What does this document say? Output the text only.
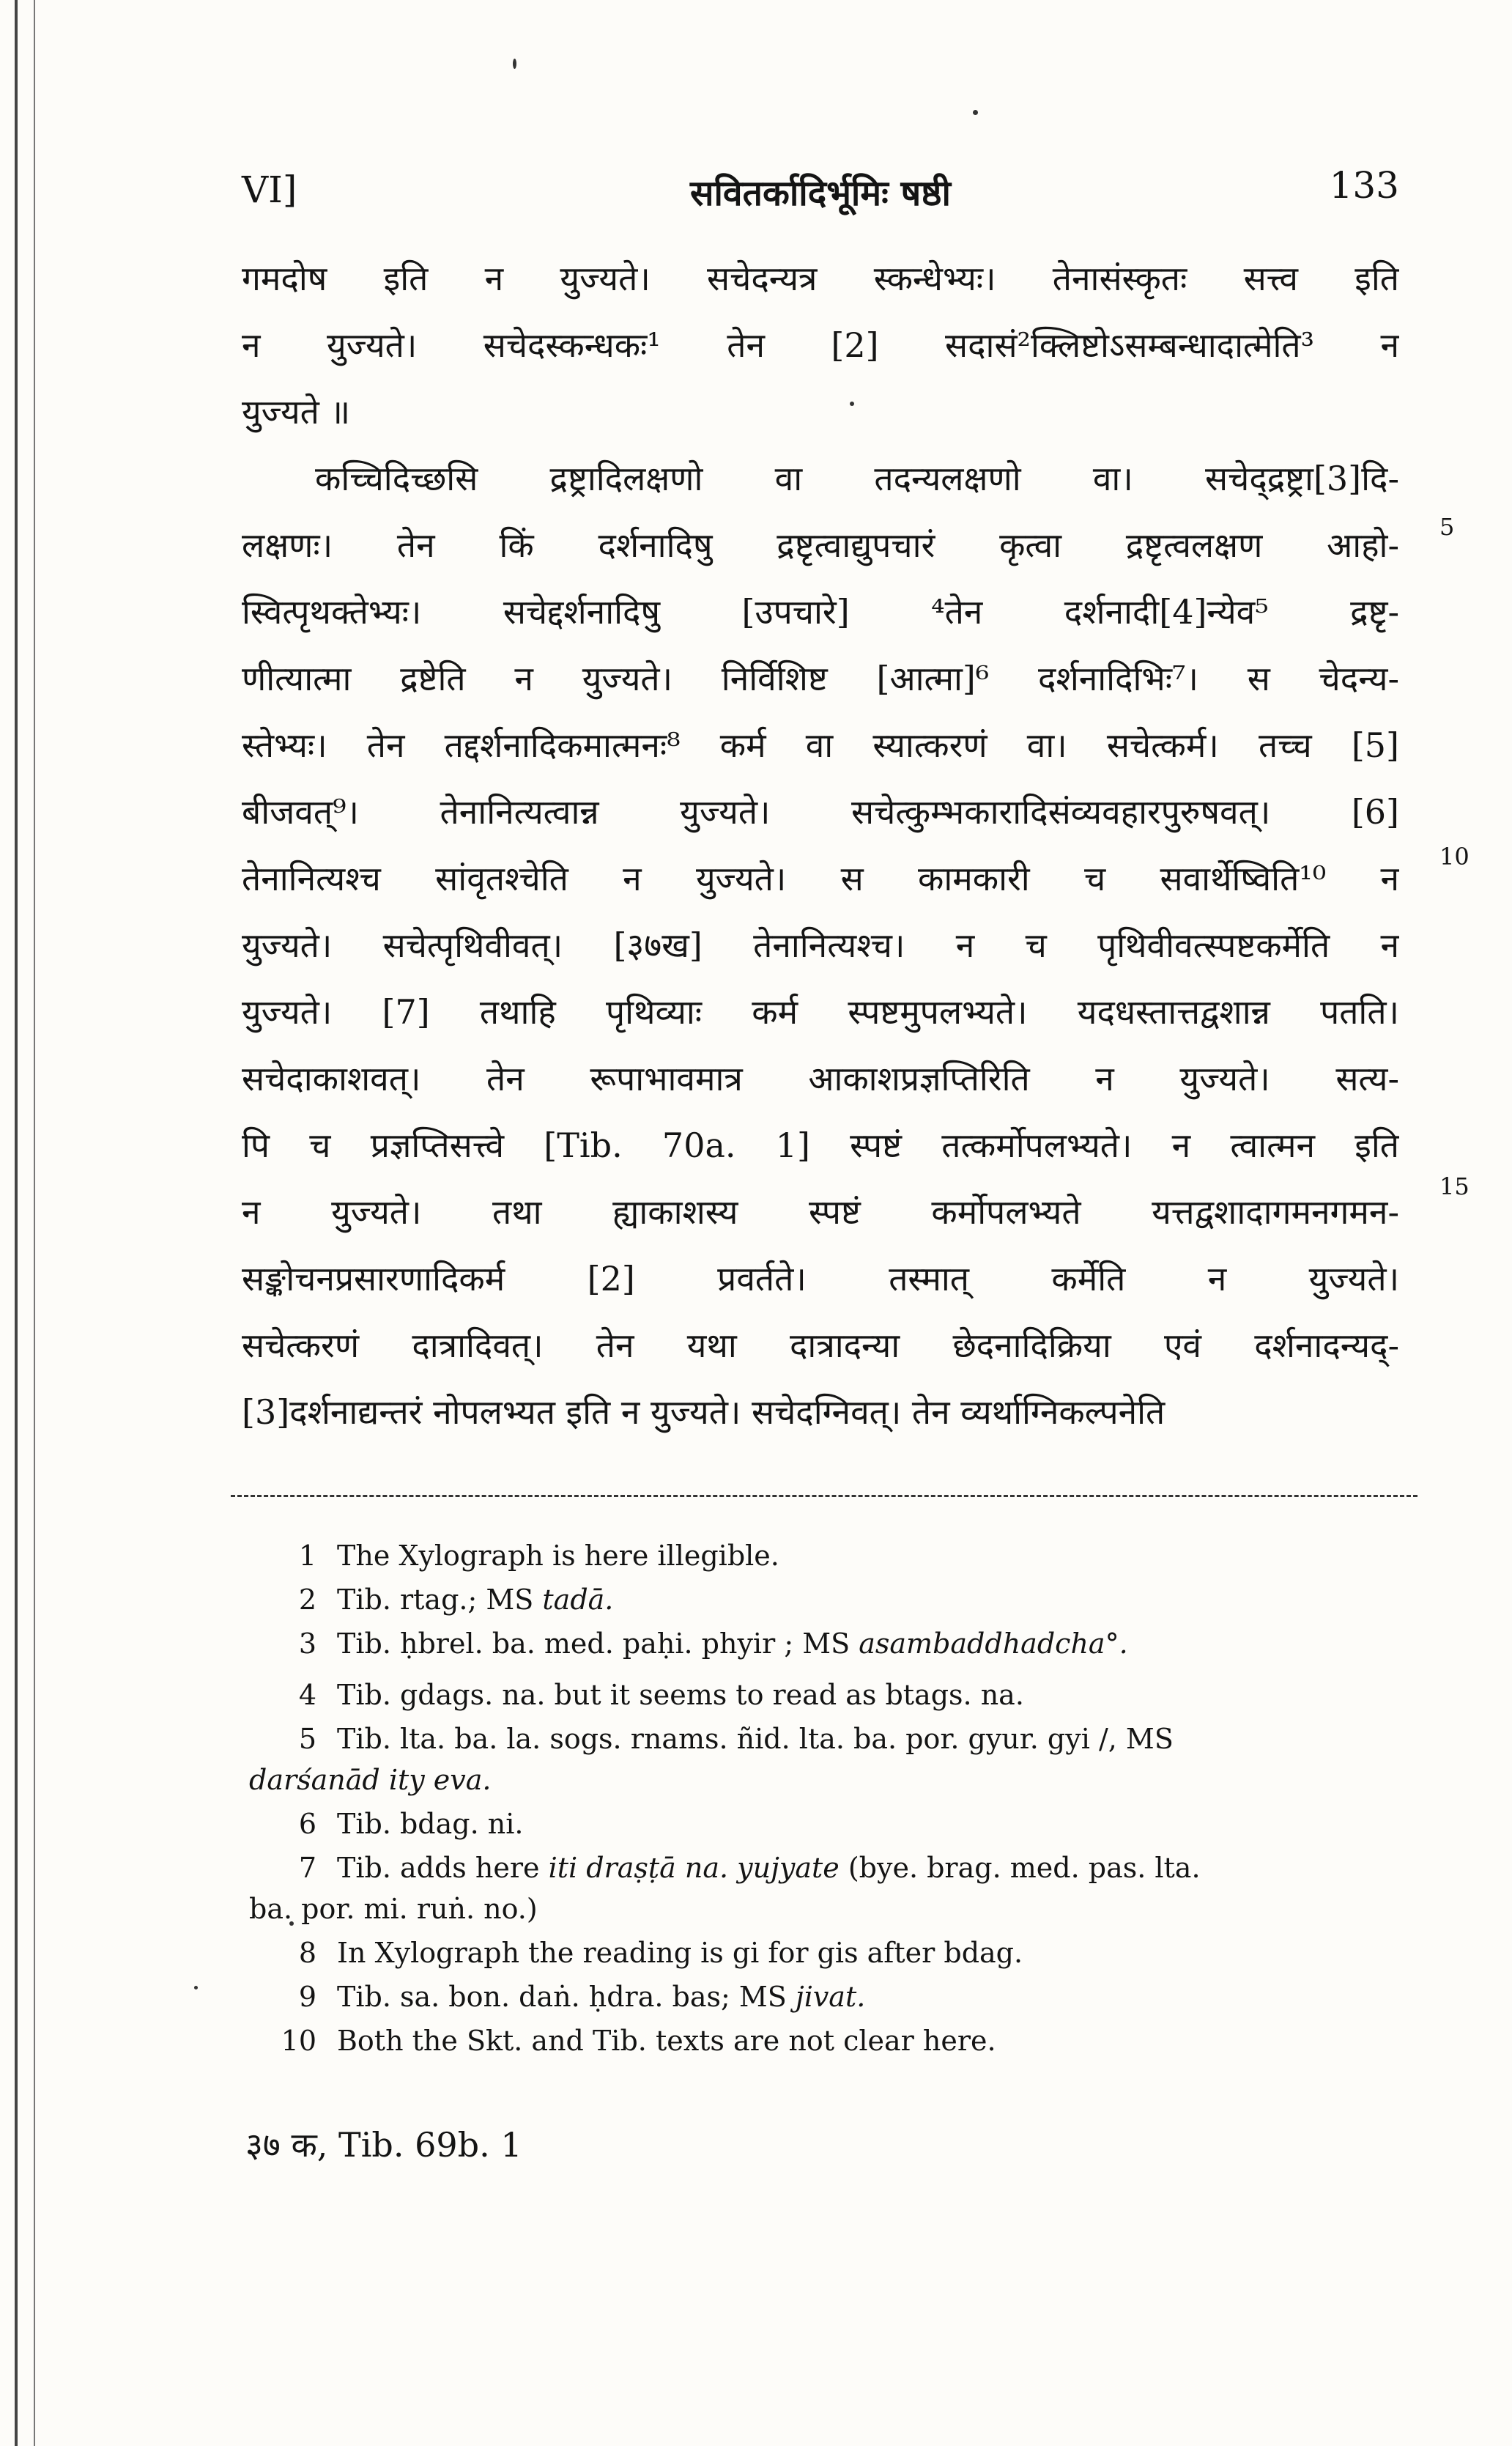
VI]	सवितर्कादिर्भूमिः षष्ठी	133
गमदोष इति न युज्यते। सचेदन्यत्र स्कन्धेभ्यः। तेनासंस्कृतः सत्त्व इति
न युज्यते। सचेदस्कन्धकः¹ तेन [2] सदासं²क्लिष्टोऽसम्बन्धादात्मेति³ न
युज्यते ॥
कच्चिदिच्छसि द्रष्ट्रादिलक्षणो वा तदन्यलक्षणो वा। सचेद्द्रष्ट्रा[3]दि-
लक्षणः। तेन किं दर्शनादिषु द्रष्टृत्वाद्युपचारं कृत्वा द्रष्टृत्वलक्षण आहो-
स्वित्पृथक्तेभ्यः। सचेद्दर्शनादिषु [उपचारे] ⁴तेन दर्शनादी[4]न्येव⁵ द्रष्टृ-
णीत्यात्मा द्रष्टेति न युज्यते। निर्विशिष्ट [आत्मा]⁶ दर्शनादिभिः⁷। स चेदन्य-
स्तेभ्यः। तेन तद्दर्शनादिकमात्मनः⁸ कर्म वा स्यात्करणं वा। सचेत्कर्म। तच्च [5]
बीजवत्⁹। तेनानित्यत्वान्न युज्यते। सचेत्कुम्भकारादिसंव्यवहारपुरुषवत्। [6]
तेनानित्यश्च सांवृतश्चेति न युज्यते। स कामकारी च सवार्थेष्विति¹⁰ न
युज्यते। सचेत्पृथिवीवत्। [३७ख] तेनानित्यश्च। न च पृथिवीवत्स्पष्टकर्मेति न
युज्यते। [7] तथाहि पृथिव्याः कर्म स्पष्टमुपलभ्यते। यदधस्तात्तद्वशान्न पतति।
सचेदाकाशवत्। तेन रूपाभावमात्र आकाशप्रज्ञप्तिरिति न युज्यते। सत्य-
पि च प्रज्ञप्तिसत्त्वे [Tib. 70a. 1] स्पष्टं तत्कर्मोपलभ्यते। न त्वात्मन इति
न युज्यते। तथा ह्याकाशस्य स्पष्टं कर्मोपलभ्यते यत्तद्वशादागमनगमन-
सङ्कोचनप्रसारणादिकर्म [2] प्रवर्तते। तस्मात् कर्मेति न युज्यते।
सचेत्करणं दात्रादिवत्। तेन यथा दात्रादन्या छेदनादिक्रिया एवं दर्शनादन्यद्-
[3]दर्शनाद्यन्तरं नोपलभ्यत इति न युज्यते। सचेदग्निवत्। तेन व्यर्थाग्निकल्पनेति
5
10
15
1 The Xylograph is here illegible.
2 Tib. rtag.; MS tadā.
3 Tib. ḥbrel. ba. med. paḥi. phyir ; MS asambaddhadcha°.
4 Tib. gdags. na. but it seems to read as btags. na.
5 Tib. lta. ba. la. sogs. rnams. ñid. lta. ba. por. gyur. gyi /, MS
darśanād ity eva.
6 Tib. bdag. ni.
7 Tib. adds here iti draṣṭā na. yujyate (bye. brag. med. pas. lta.
ba. por. mi. ruṅ. no.)
8 In Xylograph the reading is gi for gis after bdag.
9 Tib. sa. bon. daṅ. ḥdra. bas; MS jivat.
10 Both the Skt. and Tib. texts are not clear here.
३७ क, Tib. 69b. 1
